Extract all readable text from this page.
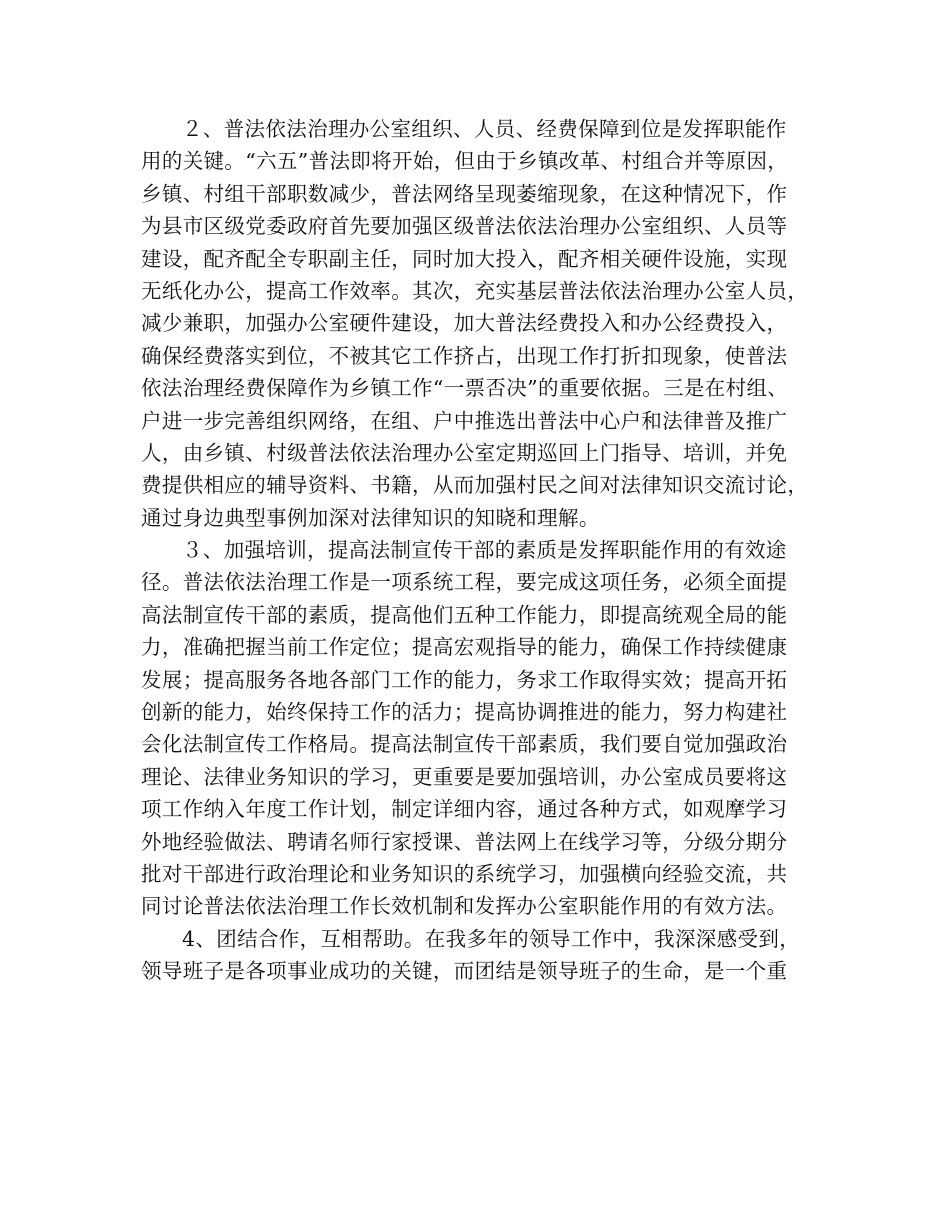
２、普法依法治理办公室组织、人员、经费保障到位是发挥职能作
用的关键。“六五”普法即将开始，但由于乡镇改革、村组合并等原因，
乡镇、村组干部职数减少，普法网络呈现萎缩现象，在这种情况下，作
为县市区级党委政府首先要加强区级普法依法治理办公室组织、人员等
建设，配齐配全专职副主任，同时加大投入，配齐相关硬件设施，实现
无纸化办公，提高工作效率。其次，充实基层普法依法治理办公室人员，
减少兼职，加强办公室硬件建设，加大普法经费投入和办公经费投入，
确保经费落实到位，不被其它工作挤占，出现工作打折扣现象，使普法
依法治理经费保障作为乡镇工作“一票否决”的重要依据。三是在村组、
户进一步完善组织网络，在组、户中推选出普法中心户和法律普及推广
人，由乡镇、村级普法依法治理办公室定期巡回上门指导、培训，并免
费提供相应的辅导资料、书籍，从而加强村民之间对法律知识交流讨论，
通过身边典型事例加深对法律知识的知晓和理解。
３、加强培训，提高法制宣传干部的素质是发挥职能作用的有效途
径。普法依法治理工作是一项系统工程，要完成这项任务，必须全面提
高法制宣传干部的素质，提高他们五种工作能力，即提高统观全局的能
力，准确把握当前工作定位；提高宏观指导的能力，确保工作持续健康
发展；提高服务各地各部门工作的能力，务求工作取得实效；提高开拓
创新的能力，始终保持工作的活力；提高协调推进的能力，努力构建社
会化法制宣传工作格局。提高法制宣传干部素质，我们要自觉加强政治
理论、法律业务知识的学习，更重要是要加强培训，办公室成员要将这
项工作纳入年度工作计划，制定详细内容，通过各种方式，如观摩学习
外地经验做法、聘请名师行家授课、普法网上在线学习等，分级分期分
批对干部进行政治理论和业务知识的系统学习，加强横向经验交流，共
同讨论普法依法治理工作长效机制和发挥办公室职能作用的有效方法。
4、团结合作，互相帮助。在我多年的领导工作中，我深深感受到，
领导班子是各项事业成功的关键，而团结是领导班子的生命，是一个重
